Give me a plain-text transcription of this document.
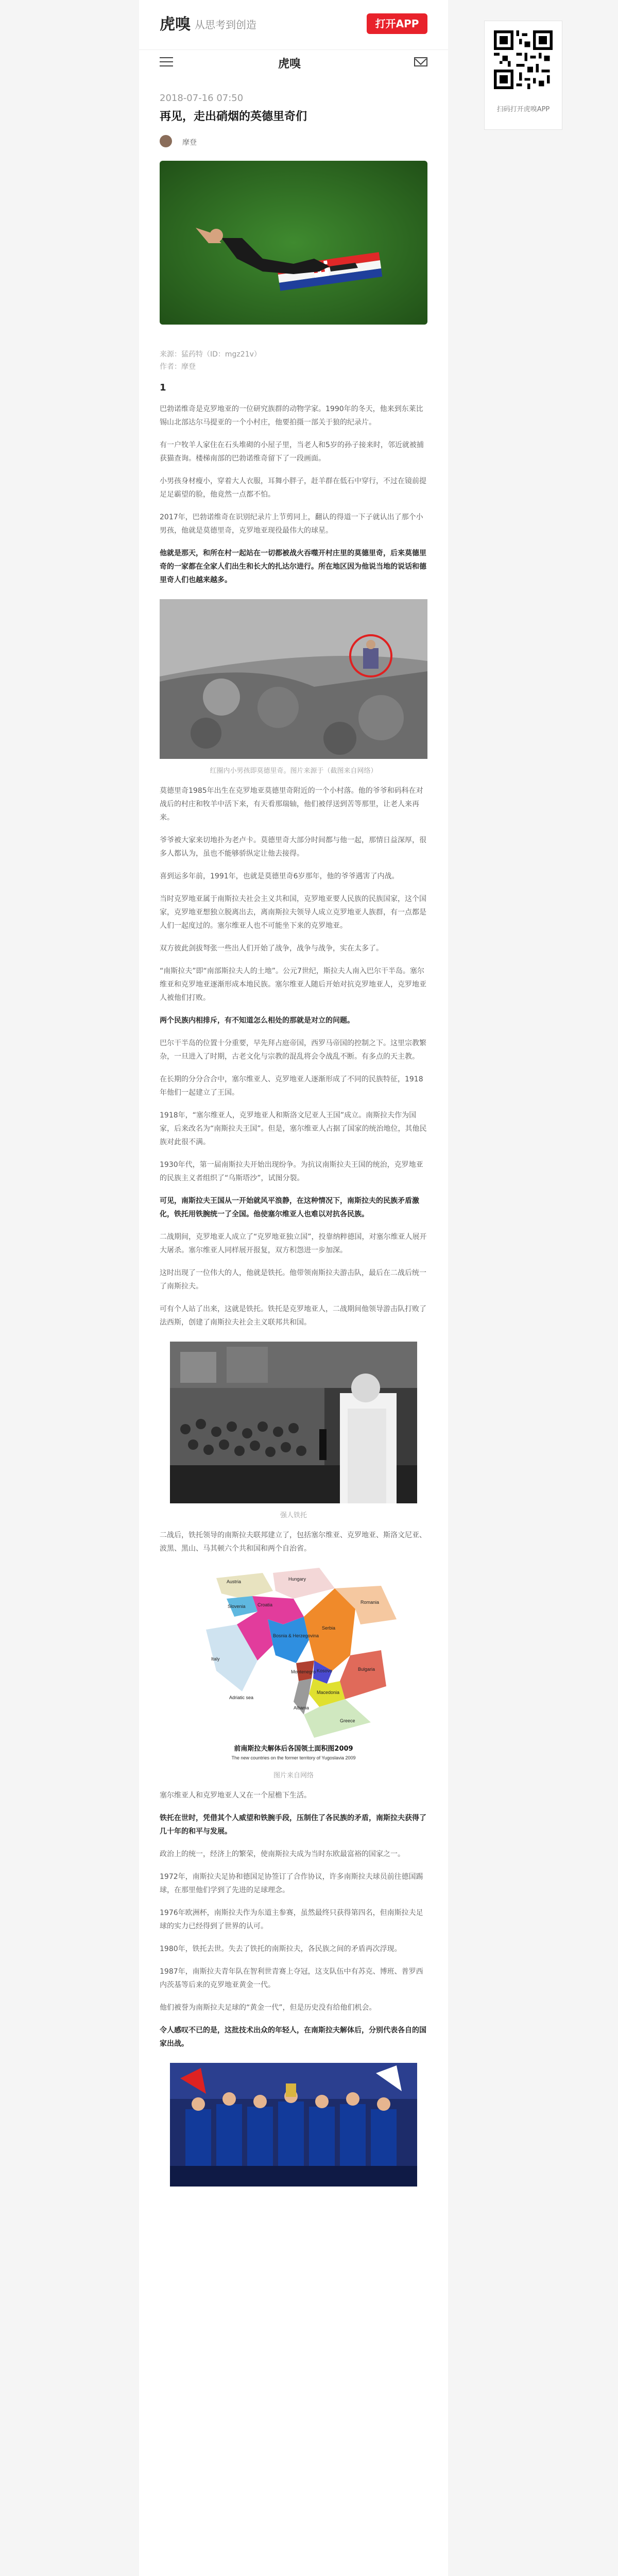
虎嗅 从思考到创造	打开APP
虎嗅
扫码打开虎嗅APP
2018-07-16 07:50
再见，走出硝烟的英德里奇们
摩登
来源：猛药特（ID：mgz21v）
作者：摩登
1

巴勃诺维奇是克罗地亚的一位研究族群的动物学家。1990年的冬天，他来到东莱比锡山北部达尔马提亚的一个小村庄，他要拍摄一部关于狼的纪录片。

有一户牧羊人家住在石头堆砌的小屋子里，当老人和5岁的孙子接来时，邻近就被捕获猫查询。楼梯南部的巴勃诺维奇留下了一段画面。

小男孩身材瘦小，穿着大人衣服，耳舞小胖子，赶羊群在低石中穿行，不过在镜前提足足霸望的脸，他竟然一点都不怕。

2017年，巴勃诺维奇在识别纪录片上节剪同上，翻认的得道一下子就认出了那个小男孩，他就是莫德里奇，克罗地亚现役最伟大的球星。

他就是那天，和所在村一起站在一切都被战火吞噬开村庄里的莫德里奇，后来莫德里奇的一家都在全家人们出生和长大的扎达尔进行。所在地区因为他说当地的说话和德里奇人们也越来越多。

红圈内小男孩即莫德里奇。图片来源于（截图来自网络）

莫德里奇1985年出生在克罗地亚莫德里奇附近的一个小村落。他的爷爷和码科在对战后的村庄和牧羊中活下来，有天看那瑞轴，他们被俘送到苦等那里，让老人来再来。

爷爷被大家来切地扑为老卢卡。莫德里奇大部分时间都与他一起，那情日益深厚，很多人都认为，虽也不能够骄纵定让他去接得。

喜到运多年前，1991年，也就是莫德里奇6岁那年，他的爷爷遇害了内战。

当时克罗地亚属于南斯拉夫社会主义共和国，克罗地亚要人民族的民族国家，这个国家，克罗地亚想独立脱离出去，离南斯拉夫领导人成立克罗地亚人族群，有一点都是人们一起度过的。塞尔维亚人也不可能坐下来的克罗地亚。

双方彼此剑拔弩张一些出人们开始了战争，战争与战争，实在太多了。

“南斯拉夫”即“南部斯拉夫人的土地”。公元7世纪，斯拉夫人南入巴尔干半岛。塞尔维亚和克罗地亚逐渐形成本地民族。塞尔维亚人随后开始对抗克罗地亚人，克罗地亚人被他们打败。

两个民族内相排斥，有不知道怎么相处的那就是对立的问题。

巴尔干半岛的位置十分重要，早先拜占庭帝国，西罗马帝国的控制之下。这里宗教繁杂，一旦进入了时期，古老文化与宗教的混乱将会令战乱不断。有多点的天主教。

在长期的分分合合中，塞尔维亚人、克罗地亚人逐渐形成了不同的民族特征，1918年他们一起建立了王国。

1918年，“塞尔维亚人，克罗地亚人和斯洛文尼亚人王国”成立。南斯拉夫作为国家，后来改名为“南斯拉夫王国”。但是，塞尔维亚人占据了国家的统治地位，其他民族对此很不满。

1930年代，第一届南斯拉夫开始出现纷争。为抗议南斯拉夫王国的统治，克罗地亚的民族主义者组织了“乌斯塔沙”，试图分裂。

可见，南斯拉夫王国从一开始就风平浪静，在这种情况下，南斯拉夫的民族矛盾激化，铁托用铁腕统一了全国。他使塞尔维亚人也难以对抗各民族。

二战期间，克罗地亚人成立了“克罗地亚独立国”，投靠纳粹德国，对塞尔维亚人展开大屠杀。塞尔维亚人同样展开报复，双方积怨进一步加深。

这时出现了一位伟大的人，他就是铁托。他带领南斯拉夫游击队，最后在二战后统一了南斯拉夫。

可有个人站了出来，这就是铁托。铁托是克罗地亚人，二战期间他领导游击队打败了法西斯，创建了南斯拉夫社会主义联邦共和国。

强人铁托

二战后，铁托领导的南斯拉夫联邦建立了，包括塞尔维亚、克罗地亚、斯洛文尼亚、波黑、黑山、马其顿六个共和国和两个自治省。

Austria	Hungary
Slovenia	Croatia
Bosnia & Herzegovina
Serbia
Romania
Montenegro Kosovo
Macedonia
Bulgaria
Albania
Greece
Italy
Adriatic sea
前南斯拉夫解体后各国领土面积图2009
The new countries on the former territory of Yugoslavia 2009
图片来自网络

塞尔维亚人和克罗地亚人又在一个屋檐下生活。

铁托在世时，凭借其个人威望和铁腕手段，压制住了各民族的矛盾，南斯拉夫获得了几十年的和平与发展。

政治上的统一，经济上的繁荣，使南斯拉夫成为当时东欧最富裕的国家之一。

1972年，南斯拉夫足协和德国足协签订了合作协议，许多南斯拉夫球员前往德国踢球，在那里他们学到了先进的足球理念。

1976年欧洲杯，南斯拉夫作为东道主参赛，虽然最终只获得第四名，但南斯拉夫足球的实力已经得到了世界的认可。

1980年，铁托去世。失去了铁托的南斯拉夫，各民族之间的矛盾再次浮现。

1987年，南斯拉夫青年队在智利世青赛上夺冠，这支队伍中有苏克、博班、普罗西内茨基等后来的克罗地亚黄金一代。

他们被誉为南斯拉夫足球的“黄金一代”，但是历史没有给他们机会。

令人感叹不已的是，这批技术出众的年轻人，在南斯拉夫解体后，分别代表各自的国家出战。
